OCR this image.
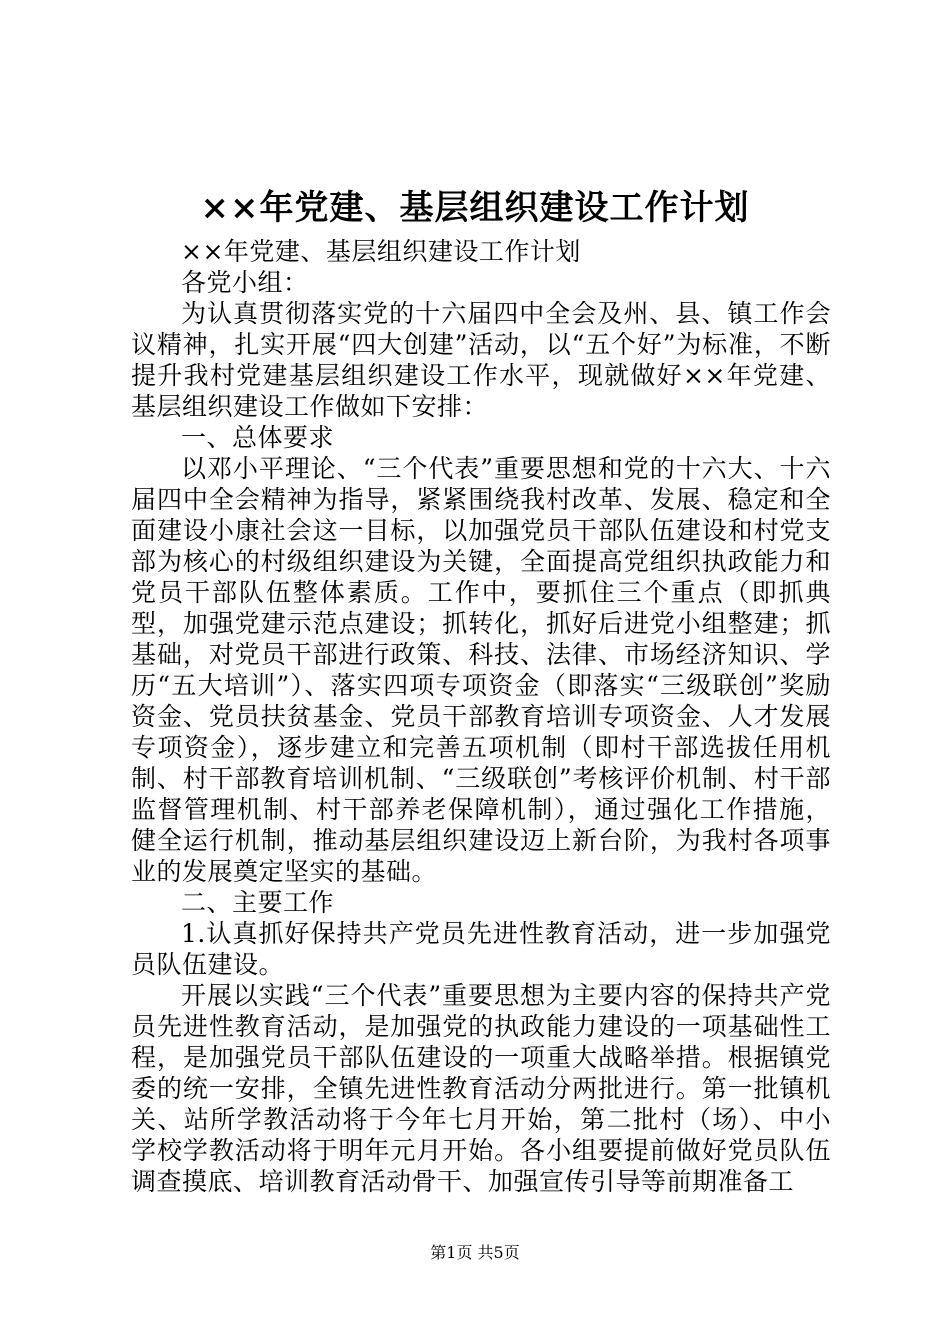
××年党建、基层组织建设工作计划

××年党建、基层组织建设工作计划

各党小组：

为认真贯彻落实党的十六届四中全会及州、县、镇工作会议精神，扎实开展“四大创建”活动，以“五个好”为标准，不断提升我村党建基层组织建设工作水平，现就做好××年党建、基层组织建设工作做如下安排：

一、总体要求

以邓小平理论、“三个代表”重要思想和党的十六大、十六届四中全会精神为指导，紧紧围绕我村改革、发展、稳定和全面建设小康社会这一目标，以加强党员干部队伍建设和村党支部为核心的村级组织建设为关键，全面提高党组织执政能力和党员干部队伍整体素质。工作中，要抓住三个重点（即抓典型，加强党建示范点建设；抓转化，抓好后进党小组整建；抓基础，对党员干部进行政策、科技、法律、市场经济知识、学历“五大培训”）、落实四项专项资金（即落实“三级联创”奖励资金、党员扶贫基金、党员干部教育培训专项资金、人才发展专项资金），逐步建立和完善五项机制（即村干部选拔任用机制、村干部教育培训机制、“三级联创”考核评价机制、村干部监督管理机制、村干部养老保障机制），通过强化工作措施，健全运行机制，推动基层组织建设迈上新台阶，为我村各项事业的发展奠定坚实的基础。

二、主要工作

1.认真抓好保持共产党员先进性教育活动，进一步加强党员队伍建设。

开展以实践“三个代表”重要思想为主要内容的保持共产党员先进性教育活动，是加强党的执政能力建设的一项基础性工程，是加强党员干部队伍建设的一项重大战略举措。根据镇党委的统一安排，全镇先进性教育活动分两批进行。第一批镇机关、站所学教活动将于今年七月开始，第二批村（场）、中小学校学教活动将于明年元月开始。各小组要提前做好党员队伍调查摸底、培训教育活动骨干、加强宣传引导等前期准备工

第1页 共5页
